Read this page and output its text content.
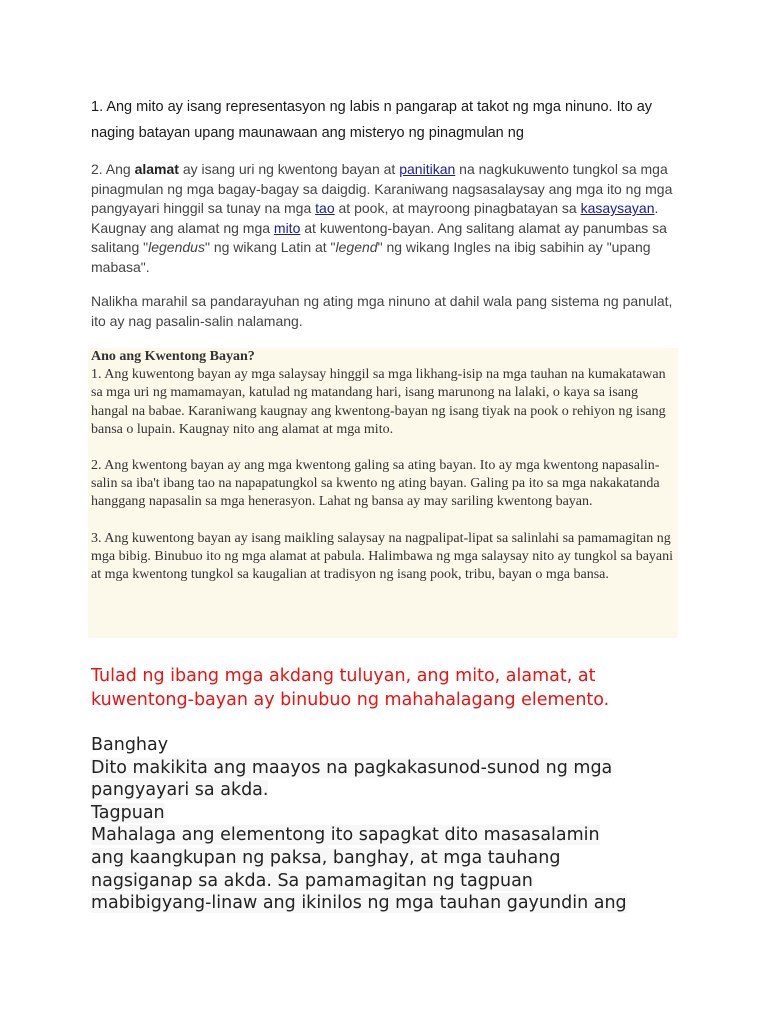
1. Ang mito ay isang representasyon ng labis n pangarap at takot ng mga ninuno. Ito ay
naging batayan upang maunawaan ang misteryo ng pinagmulan ng
2. Ang alamat ay isang uri ng kwentong bayan at panitikan na nagkukuwento tungkol sa mga pinagmulan ng mga bagay-bagay sa daigdig. Karaniwang nagsasalaysay ang mga ito ng mga pangyayari hinggil sa tunay na mga tao at pook, at mayroong pinagbatayan sa kasaysayan. Kaugnay ang alamat ng mga mito at kuwentong-bayan. Ang salitang alamat ay panumbas sa salitang "legendus" ng wikang Latin at "legend" ng wikang Ingles na ibig sabihin ay "upang mabasa".
Nalikha marahil sa pandarayuhan ng ating mga ninuno at dahil wala pang sistema ng panulat, ito ay nag pasalin-salin nalamang.

Ano ang Kwentong Bayan?

1. Ang kuwentong bayan ay mga salaysay hinggil sa mga likhang-isip na mga tauhan na kumakatawan sa mga uri ng mamamayan, katulad ng matandang hari, isang marunong na lalaki, o kaya sa isang hangal na babae. Karaniwang kaugnay ang kwentong-bayan ng isang tiyak na pook o rehiyon ng isang bansa o lupain. Kaugnay nito ang alamat at mga mito.

2. Ang kwentong bayan ay ang mga kwentong galing sa ating bayan. Ito ay mga kwentong napasalin-salin sa iba't ibang tao na napapatungkol sa kwento ng ating bayan. Galing pa ito sa mga nakakatanda hanggang napasalin sa mga henerasyon. Lahat ng bansa ay may sariling kwentong bayan.

3. Ang kuwentong bayan ay isang maikling salaysay na nagpalipat-lipat sa salinlahi sa pamamagitan ng mga bibig. Binubuo ito ng mga alamat at pabula. Halimbawa ng mga salaysay nito ay tungkol sa bayani at mga kwentong tungkol sa kaugalian at tradisyon ng isang pook, tribu, bayan o mga bansa.

Tulad ng ibang mga akdang tuluyan, ang mito, alamat, at kuwentong-bayan ay binubuo ng mahahalagang elemento.
Banghay
Dito makikita ang maayos na pagkakasunod-sunod ng mga
pangyayari sa akda.
Tagpuan
Mahalaga ang elementong ito sapagkat dito masasalamin
ang kaangkupan ng paksa, banghay, at mga tauhang
nagsiganap sa akda. Sa pamamagitan ng tagpuan
mabibigyang-linaw ang ikinilos ng mga tauhan gayundin ang
